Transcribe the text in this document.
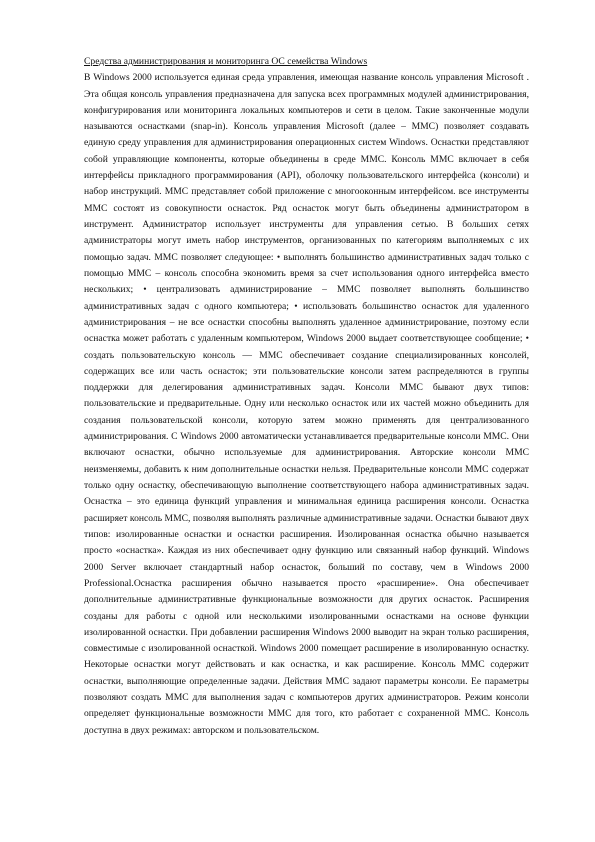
Средства администрирования и мониторинга ОС семейства Windows

В Windows 2000 используется единая среда управления, имеющая название консоль управления Microsoft . Эта общая консоль управления предназначена для запуска всех программных модулей администрирования, конфигурирования или мониторинга локальных компьютеров и сети в целом. Такие законченные модули называются оснастками (snap-in). Консоль управления Microsoft (далее – MMC) позволяет создавать единую среду управления для администрирования операционных систем Windows. Оснастки представляют собой управляющие компоненты, которые объединены в среде MMC. Консоль MMC включает в себя интерфейсы прикладного программирования (API), оболочку пользовательского интерфейса (консоли) и набор инструкций. MMC представляет собой приложение с многооконным интерфейсом. все инструменты MMC состоят из совокупности оснасток. Ряд оснасток могут быть объединены администратором в инструмент. Администратор использует инструменты для управления сетью. В больших сетях администраторы могут иметь набор инструментов, организованных по категориям выполняемых с их помощью задач. MMC позволяет следующее: • выполнять большинство административных задач только с помощью MMC – консоль способна экономить время за счет использования одного интерфейса вместо нескольких; • централизовать администрирование – MMC позволяет выполнять большинство административных задач с одного компьютера; • использовать большинство оснасток для удаленного администрирования – не все оснастки способны выполнять удаленное администрирование, поэтому если оснастка может работать с удаленным компьютером, Windows 2000 выдает соответствующее сообщение; • создать пользовательскую консоль — MMC обеспечивает создание специализированных консолей, содержащих все или часть оснасток; эти пользовательские консоли затем распределяются в группы поддержки для делегирования административных задач. Консоли MMC бывают двух типов: пользовательские и предварительные. Одну или несколько оснасток или их частей можно объединить для создания пользовательской консоли, которую затем можно применять для централизованного администрирования. С Windows 2000 автоматически устанавливается предварительные консоли MMC. Они включают оснастки, обычно используемые для администрирования. Авторские консоли MMC неизменяемы, добавить к ним дополнительные оснастки нельзя. Предварительные консоли MMC содержат только одну оснастку, обеспечивающую выполнение соответствующего набора административных задач. Оснастка – это единица функций управления и минимальная единица расширения консоли. Оснастка расширяет консоль MMC, позволяя выполнять различные административные задачи. Оснастки бывают двух типов: изолированные оснастки и оснастки расширения. Изолированная оснастка обычно называется просто «оснастка». Каждая из них обеспечивает одну функцию или связанный набор функций. Windows 2000 Server включает стандартный набор оснасток, больший по составу, чем в Windows 2000 Professional.Оснастка расширения обычно называется просто «расширение». Она обеспечивает дополнительные административные функциональные возможности для других оснасток. Расширения созданы для работы с одной или несколькими изолированными оснастками на основе функции изолированной оснастки. При добавлении расширения Windows 2000 выводит на экран только расширения, совместимые с изолированной оснасткой. Windows 2000 помещает расширение в изолированную оснастку. Некоторые оснастки могут действовать и как оснастка, и как расширение. Консоль MMC содержит оснастки, выполняющие определенные задачи. Действия MMC задают параметры консоли. Ее параметры позволяют создать MMC для выполнения задач с компьютеров других администраторов. Режим консоли определяет функциональные возможности MMC для того, кто работает с сохраненной MMC. Консоль доступна в двух режимах: авторском и пользовательском.
